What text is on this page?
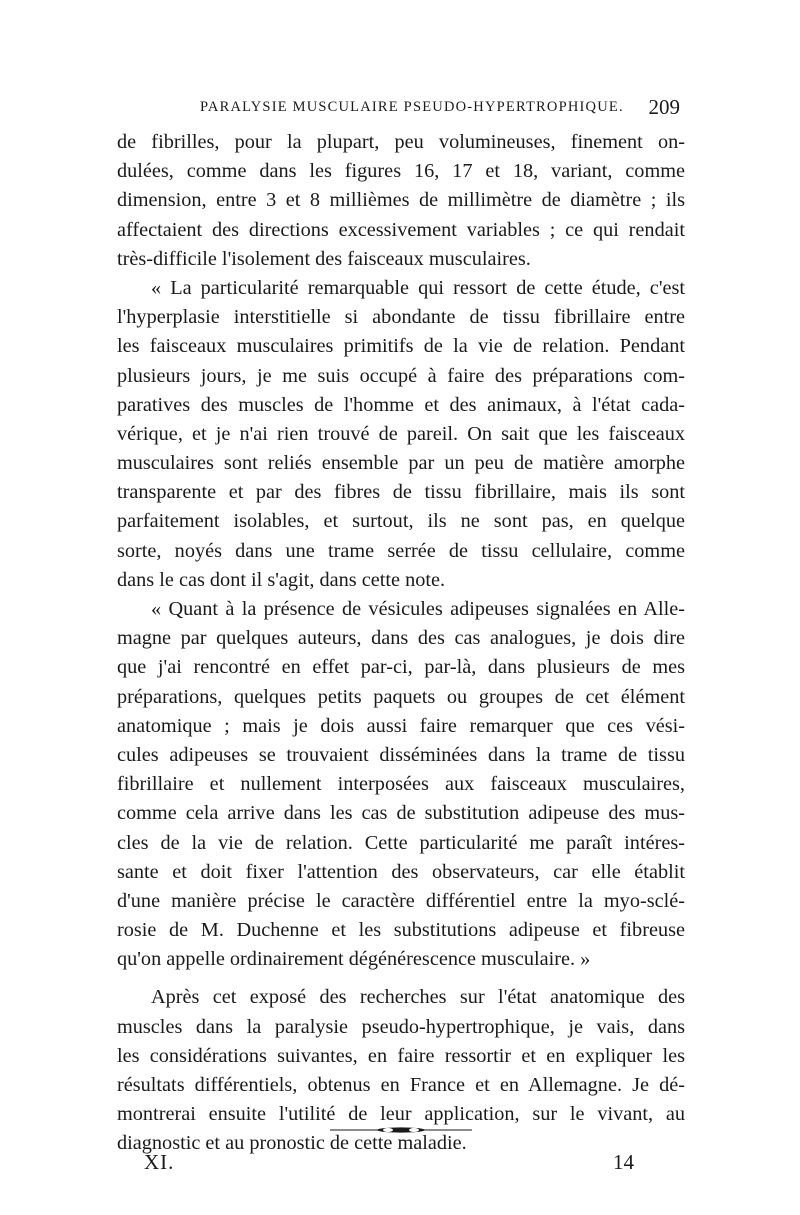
PARALYSIE MUSCULAIRE PSEUDO-HYPERTROPHIQUE. 209
de fibrilles, pour la plupart, peu volumineuses, finement on-
dulées, comme dans les figures 16, 17 et 18, variant, comme
dimension, entre 3 et 8 millièmes de millimètre de diamètre ; ils
affectaient des directions excessivement variables ; ce qui rendait
très-difficile l'isolement des faisceaux musculaires.
« La particularité remarquable qui ressort de cette étude, c'est
l'hyperplasie interstitielle si abondante de tissu fibrillaire entre
les faisceaux musculaires primitifs de la vie de relation. Pendant
plusieurs jours, je me suis occupé à faire des préparations com-
paratives des muscles de l'homme et des animaux, à l'état cada-
vérique, et je n'ai rien trouvé de pareil. On sait que les faisceaux
musculaires sont reliés ensemble par un peu de matière amorphe
transparente et par des fibres de tissu fibrillaire, mais ils sont
parfaitement isolables, et surtout, ils ne sont pas, en quelque
sorte, noyés dans une trame serrée de tissu cellulaire, comme
dans le cas dont il s'agit, dans cette note.
« Quant à la présence de vésicules adipeuses signalées en Alle-
magne par quelques auteurs, dans des cas analogues, je dois dire
que j'ai rencontré en effet par-ci, par-là, dans plusieurs de mes
préparations, quelques petits paquets ou groupes de cet élément
anatomique ; mais je dois aussi faire remarquer que ces vési-
cules adipeuses se trouvaient disséminées dans la trame de tissu
fibrillaire et nullement interposées aux faisceaux musculaires,
comme cela arrive dans les cas de substitution adipeuse des mus-
cles de la vie de relation. Cette particularité me paraît intéres-
sante et doit fixer l'attention des observateurs, car elle établit
d'une manière précise le caractère différentiel entre la myo-sclé-
rosie de M. Duchenne et les substitutions adipeuse et fibreuse
qu'on appelle ordinairement dégénérescence musculaire. »
Après cet exposé des recherches sur l'état anatomique des
muscles dans la paralysie pseudo-hypertrophique, je vais, dans
les considérations suivantes, en faire ressortir et en expliquer les
résultats différentiels, obtenus en France et en Allemagne. Je dé-
montrerai ensuite l'utilité de leur application, sur le vivant, au
diagnostic et au pronostic de cette maladie.
XI.	14
